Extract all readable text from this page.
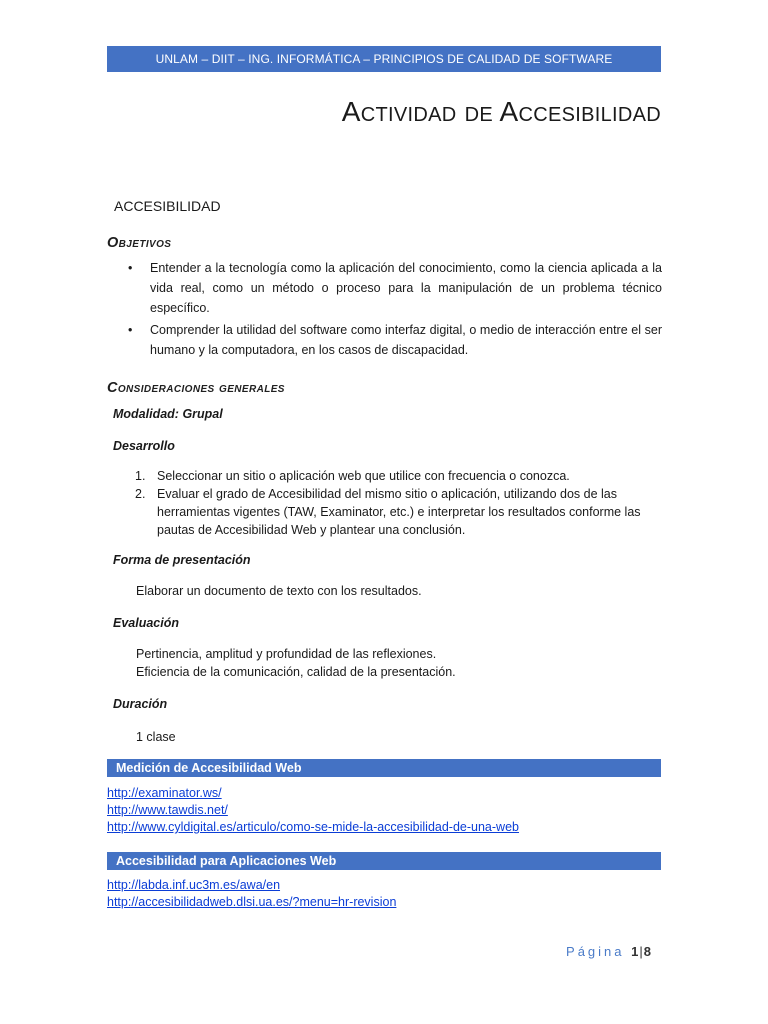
UNLAM – DIIT – ING. INFORMÁTICA – PRINCIPIOS DE CALIDAD DE SOFTWARE
Actividad de Accesibilidad
ACCESIBILIDAD
Objetivos
•	Entender a la tecnología como la aplicación del conocimiento, como la ciencia aplicada a la vida real, como un método o proceso para la manipulación de un problema técnico específico.
•	Comprender la utilidad del software como interfaz digital, o medio de interacción entre el ser humano y la computadora, en los casos de discapacidad.
Consideraciones generales
Modalidad: Grupal
Desarrollo
1. Seleccionar un sitio o aplicación web que utilice con frecuencia o conozca.
2. Evaluar el grado de Accesibilidad del mismo sitio o aplicación, utilizando dos de las herramientas vigentes (TAW, Examinator, etc.) e interpretar los resultados conforme las pautas de Accesibilidad Web y plantear una conclusión.
Forma de presentación
Elaborar un documento de texto con los resultados.
Evaluación
Pertinencia, amplitud y profundidad de las reflexiones.
Eficiencia de la comunicación, calidad de la presentación.
Duración
1 clase
Medición de Accesibilidad Web
http://examinator.ws/
http://www.tawdis.net/
http://www.cyldigital.es/articulo/como-se-mide-la-accesibilidad-de-una-web
Accesibilidad para Aplicaciones Web
http://labda.inf.uc3m.es/awa/en
http://accesibilidadweb.dlsi.ua.es/?menu=hr-revision
Página 1|8
